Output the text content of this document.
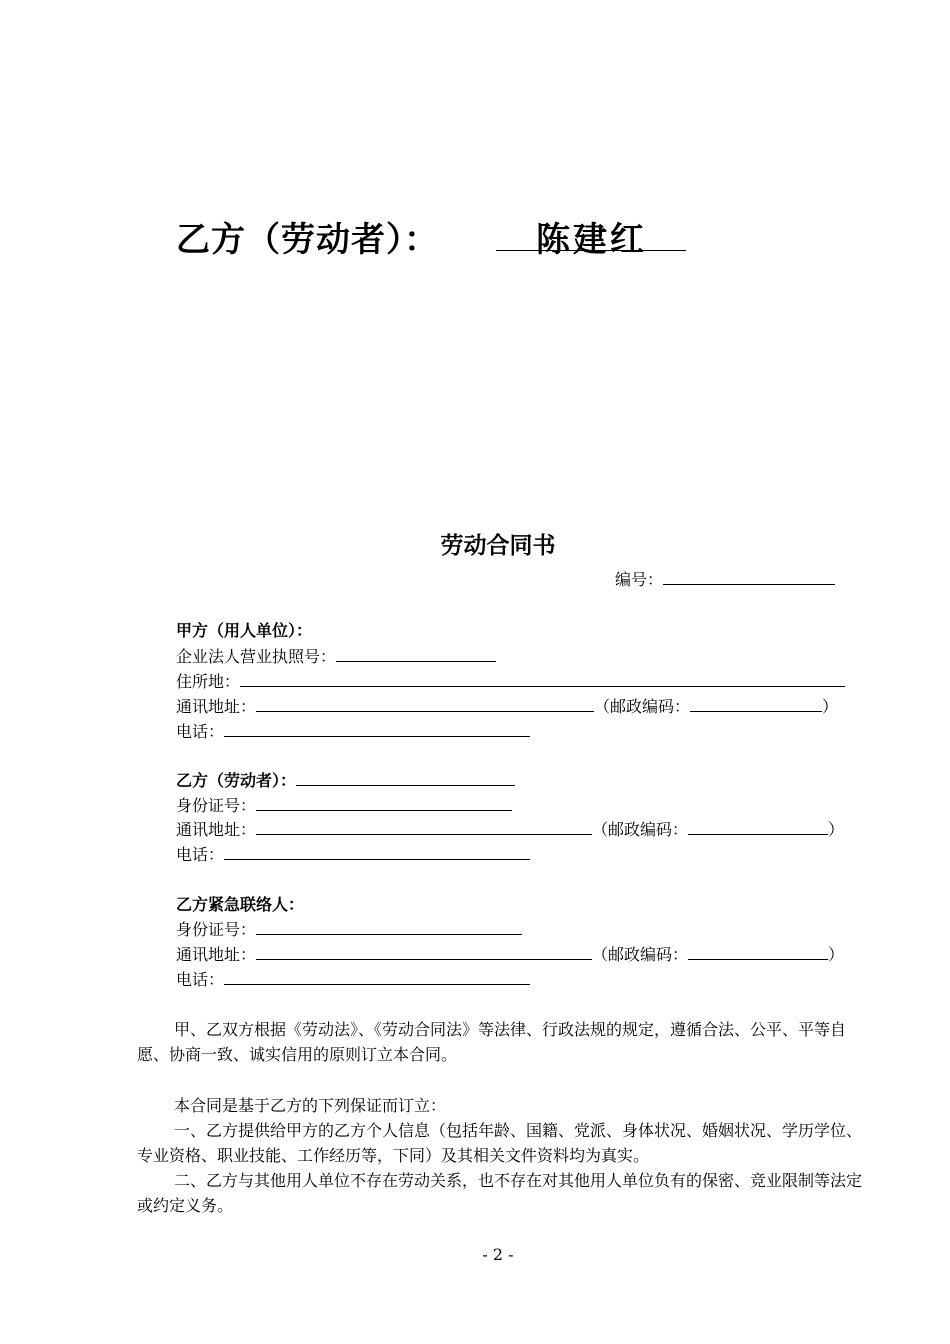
乙方（劳动者）：	陈建红
劳动合同书
编号：
甲方（用人单位）：
企业法人营业执照号：
住所地：
通讯地址：	（邮政编码：	）
电话：
乙方（劳动者）：
身份证号：
通讯地址：	（邮政编码：	）
电话：
乙方紧急联络人：
身份证号：
通讯地址：	（邮政编码：	）
电话：
甲、乙双方根据《劳动法》、《劳动合同法》等法律、行政法规的规定，遵循合法、公平、平等自愿、协商一致、诚实信用的原则订立本合同。
本合同是基于乙方的下列保证而订立：
一、乙方提供给甲方的乙方个人信息（包括年龄、国籍、党派、身体状况、婚姻状况、学历学位、专业资格、职业技能、工作经历等，下同）及其相关文件资料均为真实。
二、乙方与其他用人单位不存在劳动关系，也不存在对其他用人单位负有的保密、竞业限制等法定或约定义务。
- 2 -
